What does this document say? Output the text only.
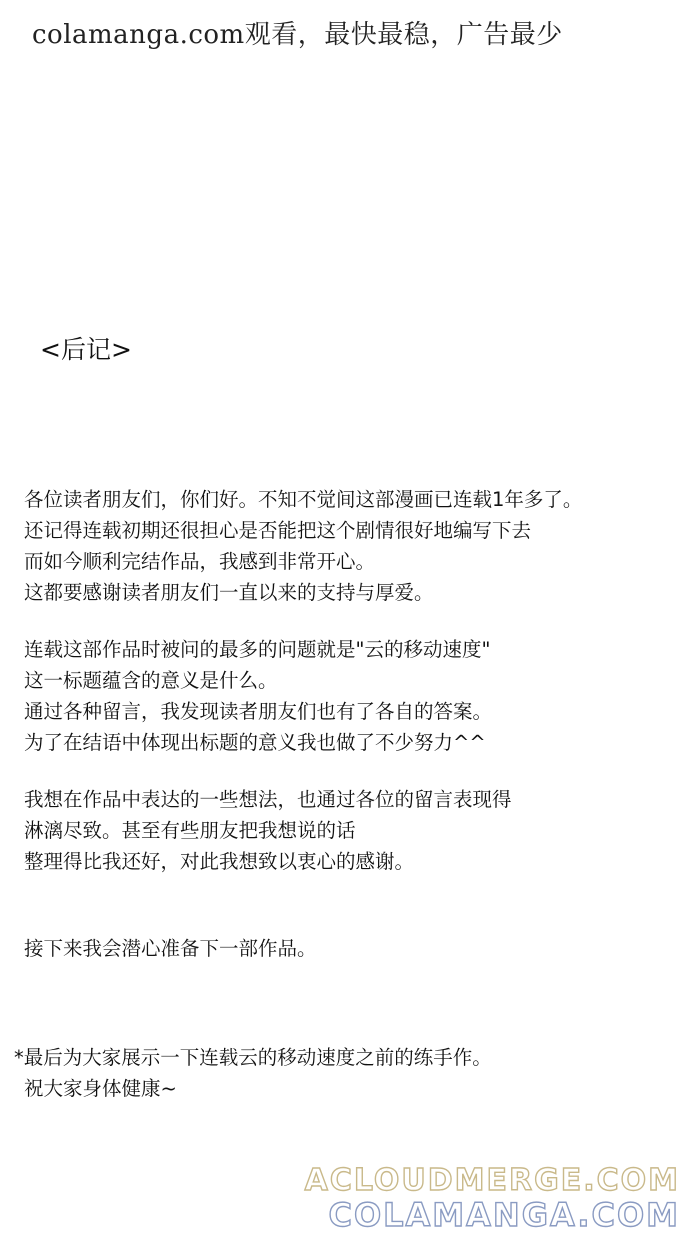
colamanga.com观看，最快最稳，广告最少
<后记>
各位读者朋友们，你们好。不知不觉间这部漫画已连载1年多了。
还记得连载初期还很担心是否能把这个剧情很好地编写下去
而如今顺利完结作品，我感到非常开心。
这都要感谢读者朋友们一直以来的支持与厚爱。
连载这部作品时被问的最多的问题就是"云的移动速度"
这一标题蕴含的意义是什么。
通过各种留言，我发现读者朋友们也有了各自的答案。
为了在结语中体现出标题的意义我也做了不少努力^^
我想在作品中表达的一些想法，也通过各位的留言表现得
淋漓尽致。甚至有些朋友把我想说的话
整理得比我还好，对此我想致以衷心的感谢。
接下来我会潜心准备下一部作品。
*最后为大家展示一下连载云的移动速度之前的练手作。
祝大家身体健康~
ACLOUDMERGE.COM
COLAMANGA.COM
